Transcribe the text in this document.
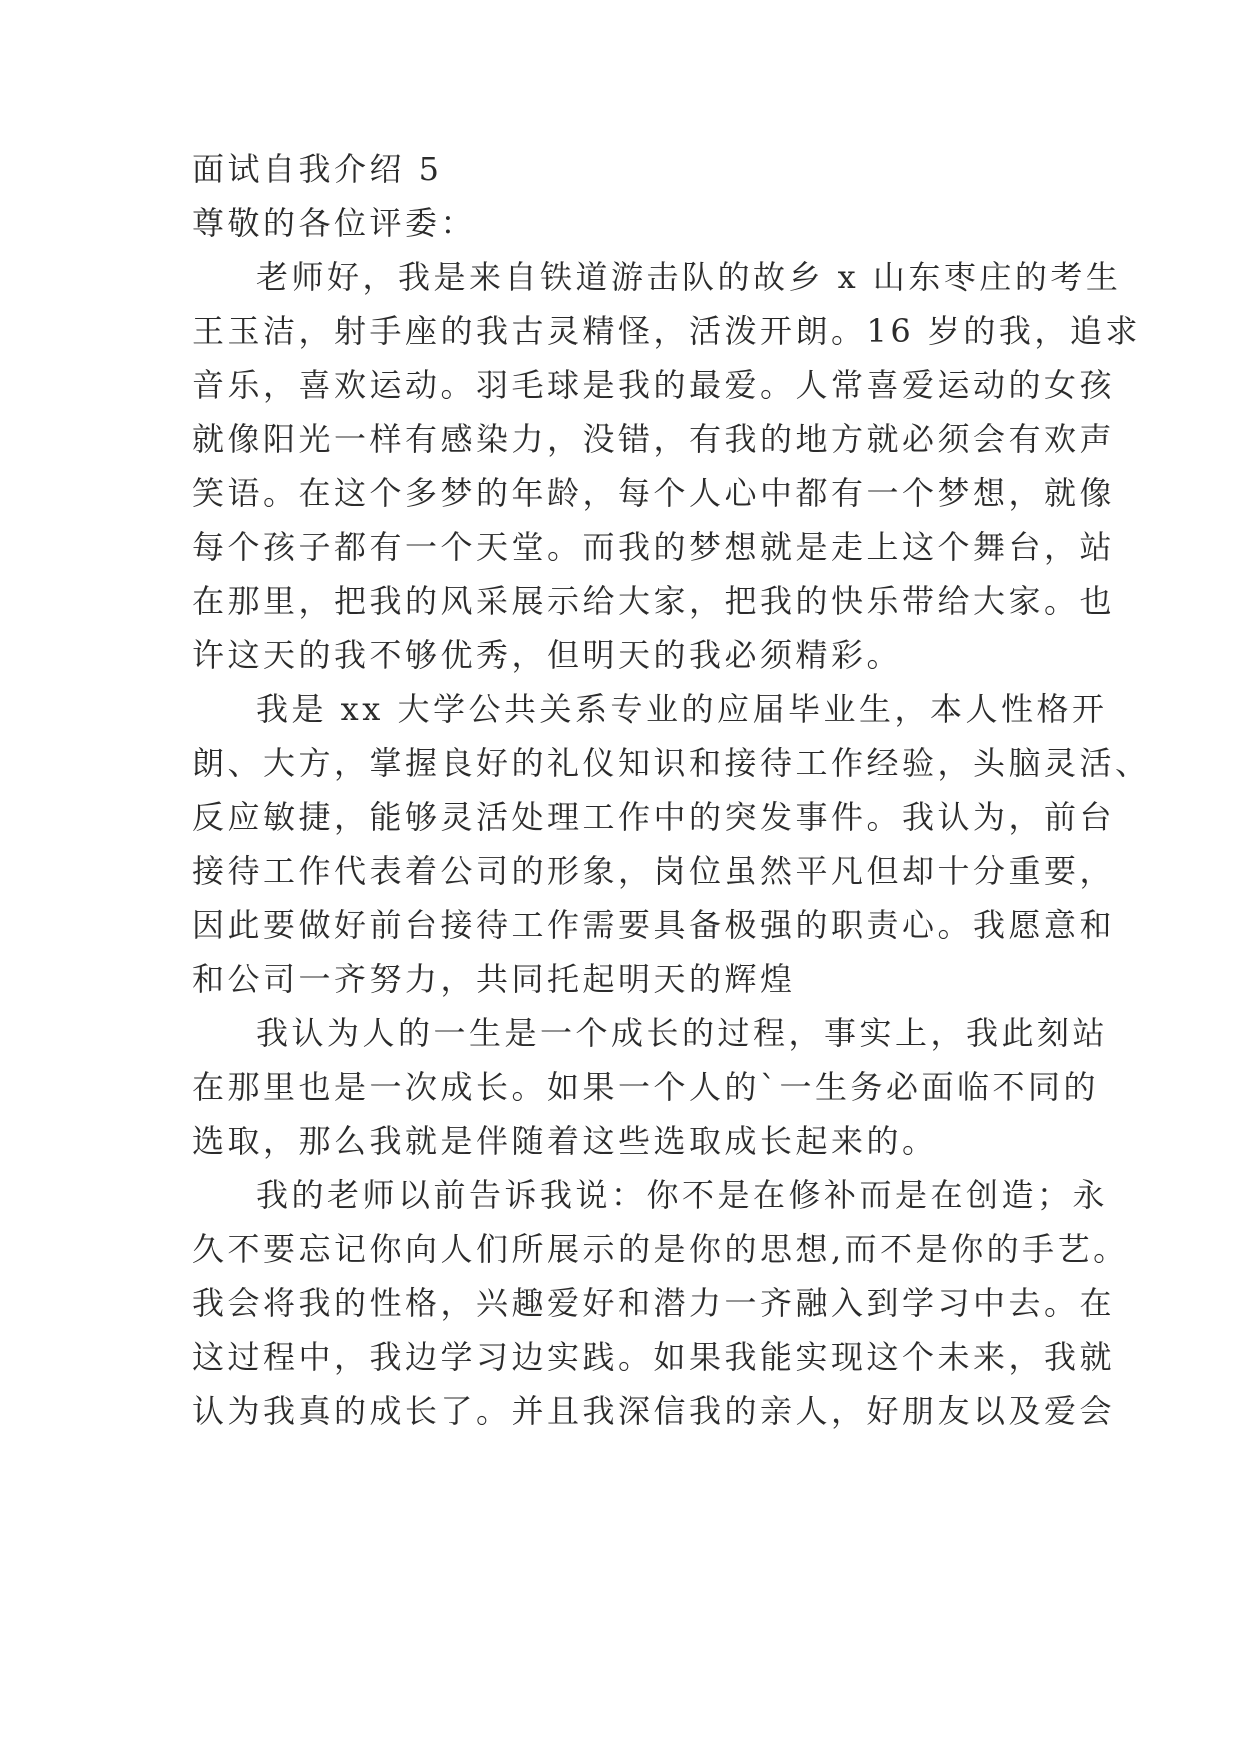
面试自我介绍 5
尊敬的各位评委：
老师好，我是来自铁道游击队的故乡 x 山东枣庄的考生
王玉洁，射手座的我古灵精怪，活泼开朗。16 岁的我，追求
音乐，喜欢运动。羽毛球是我的最爱。人常喜爱运动的女孩
就像阳光一样有感染力，没错，有我的地方就必须会有欢声
笑语。在这个多梦的年龄，每个人心中都有一个梦想，就像
每个孩子都有一个天堂。而我的梦想就是走上这个舞台，站
在那里，把我的风采展示给大家，把我的快乐带给大家。也
许这天的我不够优秀，但明天的我必须精彩。
我是 xx 大学公共关系专业的应届毕业生，本人性格开
朗、大方，掌握良好的礼仪知识和接待工作经验，头脑灵活、
反应敏捷，能够灵活处理工作中的突发事件。我认为，前台
接待工作代表着公司的形象，岗位虽然平凡但却十分重要，
因此要做好前台接待工作需要具备极强的职责心。我愿意和
和公司一齐努力，共同托起明天的辉煌
我认为人的一生是一个成长的过程，事实上，我此刻站
在那里也是一次成长。如果一个人的`一生务必面临不同的
选取，那么我就是伴随着这些选取成长起来的。
我的老师以前告诉我说：你不是在修补而是在创造；永
久不要忘记你向人们所展示的是你的思想,而不是你的手艺。
我会将我的性格，兴趣爱好和潜力一齐融入到学习中去。在
这过程中，我边学习边实践。如果我能实现这个未来，我就
认为我真的成长了。并且我深信我的亲人，好朋友以及爱会
